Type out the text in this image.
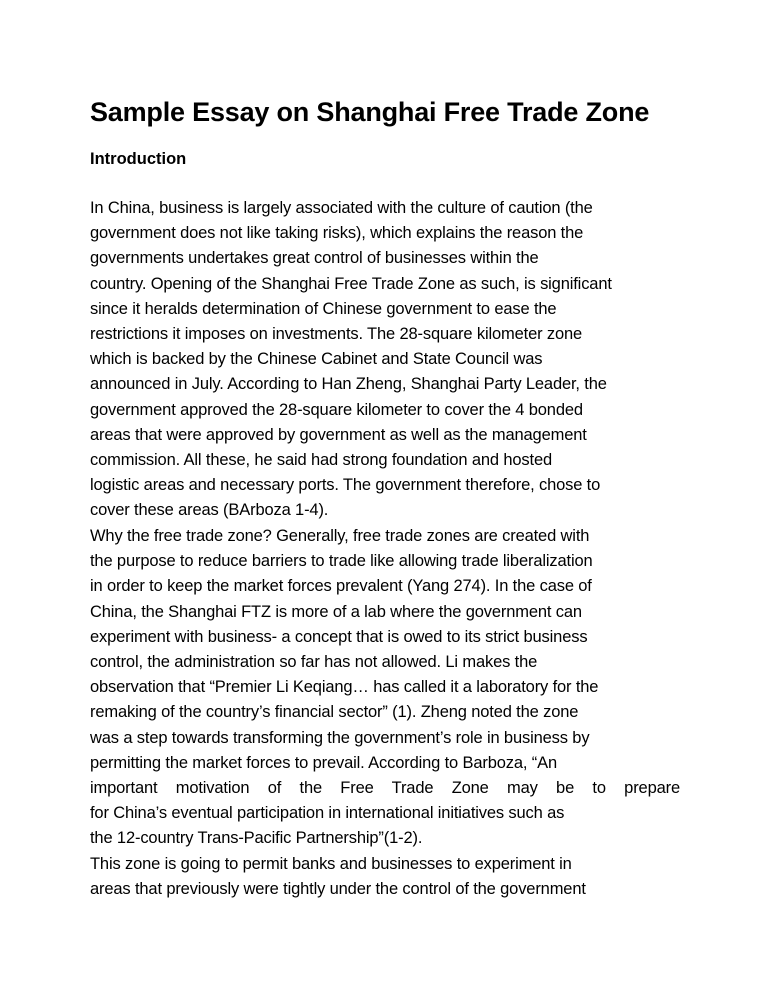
Sample Essay on Shanghai Free Trade Zone
Introduction

In China, business is largely associated with the culture of caution (the
government does not like taking risks), which explains the reason the
governments undertakes great control of businesses within the
country. Opening of the Shanghai Free Trade Zone as such, is significant
since it heralds determination of Chinese government to ease the
restrictions it imposes on investments. The 28-square kilometer zone
which is backed by the Chinese Cabinet and State Council was
announced in July. According to Han Zheng, Shanghai Party Leader, the
government approved the 28-square kilometer to cover the 4 bonded
areas that were approved by government as well as the management
commission. All these, he said had strong foundation and hosted
logistic areas and necessary ports. The government therefore, chose to
cover these areas (BArboza 1-4).

Why the free trade zone? Generally, free trade zones are created with
the purpose to reduce barriers to trade like allowing trade liberalization
in order to keep the market forces prevalent (Yang 274). In the case of
China, the Shanghai FTZ is more of a lab where the government can
experiment with business- a concept that is owed to its strict business
control, the administration so far has not allowed. Li makes the
observation that “Premier Li Keqiang… has called it a laboratory for the
remaking of the country’s financial sector” (1). Zheng noted the zone
was a step towards transforming the government’s role in business by
permitting the market forces to prevail. According to Barboza, “An
important motivation of the Free Trade Zone may be to prepare
for China’s eventual participation in international initiatives such as
the 12-country Trans-Pacific Partnership”(1-2).

This zone is going to permit banks and businesses to experiment in
areas that previously were tightly under the control of the government
